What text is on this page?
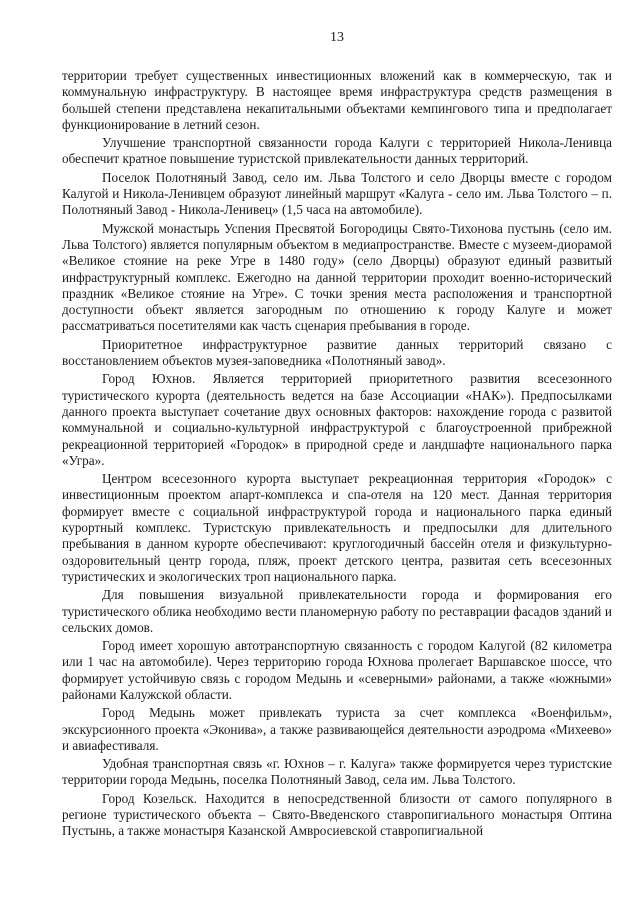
13

территории требует существенных инвестиционных вложений как в коммерческую, так и коммунальную инфраструктуру. В настоящее время инфраструктура средств размещения в большей степени представлена некапитальными объектами кемпингового типа и предполагает функционирование в летний сезон.

Улучшение транспортной связанности города Калуги с территорией Никола-Ленивца обеспечит кратное повышение туристской привлекательности данных территорий.

Поселок Полотняный Завод, село им. Льва Толстого и село Дворцы вместе с городом Калугой и Никола-Ленивцем образуют линейный маршрут «Калуга - село им. Льва Толстого – п. Полотняный Завод - Никола-Ленивец» (1,5 часа на автомобиле).

Мужской монастырь Успения Пресвятой Богородицы Свято-Тихонова пустынь (село им. Льва Толстого) является популярным объектом в медиапространстве. Вместе с музеем-диорамой «Великое стояние на реке Угре в 1480 году» (село Дворцы) образуют единый развитый инфраструктурный комплекс. Ежегодно на данной территории проходит военно-исторический праздник «Великое стояние на Угре». С точки зрения места расположения и транспортной доступности объект является загородным по отношению к городу Калуге и может рассматриваться посетителями как часть сценария пребывания в городе.

Приоритетное инфраструктурное развитие данных территорий связано с восстановлением объектов музея-заповедника «Полотняный завод».

Город Юхнов. Является территорией приоритетного развития всесезонного туристического курорта (деятельность ведется на базе Ассоциации «НАК»). Предпосылками данного проекта выступает сочетание двух основных факторов: нахождение города с развитой коммунальной и социально-культурной инфраструктурой с благоустроенной прибрежной рекреационной территорией «Городок» в природной среде и ландшафте национального парка «Угра».

Центром всесезонного курорта выступает рекреационная территория «Городок» с инвестиционным проектом апарт-комплекса и спа-отеля на 120 мест. Данная территория формирует вместе с социальной инфраструктурой города и национального парка единый курортный комплекс. Туристскую привлекательность и предпосылки для длительного пребывания в данном курорте обеспечивают: круглогодичный бассейн отеля и физкультурно-оздоровительный центр города, пляж, проект детского центра, развитая сеть всесезонных туристических и экологических троп национального парка.

Для повышения визуальной привлекательности города и формирования его туристического облика необходимо вести планомерную работу по реставрации фасадов зданий и сельских домов.

Город имеет хорошую автотранспортную связанность с городом Калугой (82 километра или 1 час на автомобиле). Через территорию города Юхнова пролегает Варшавское шоссе, что формирует устойчивую связь с городом Медынь и «северными» районами, а также «южными» районами Калужской области.

Город Медынь может привлекать туриста за счет комплекса «Военфильм», экскурсионного проекта «Эконива», а также развивающейся деятельности аэродрома «Михеево» и авиафестиваля.

Удобная транспортная связь «г. Юхнов – г. Калуга» также формируется через туристские территории города Медынь, поселка Полотняный Завод, села им. Льва Толстого.

Город Козельск. Находится в непосредственной близости от самого популярного в регионе туристического объекта – Свято-Введенского ставропигиального монастыря Оптина Пустынь, а также монастыря Казанской Амвросиевской ставропигиальной
